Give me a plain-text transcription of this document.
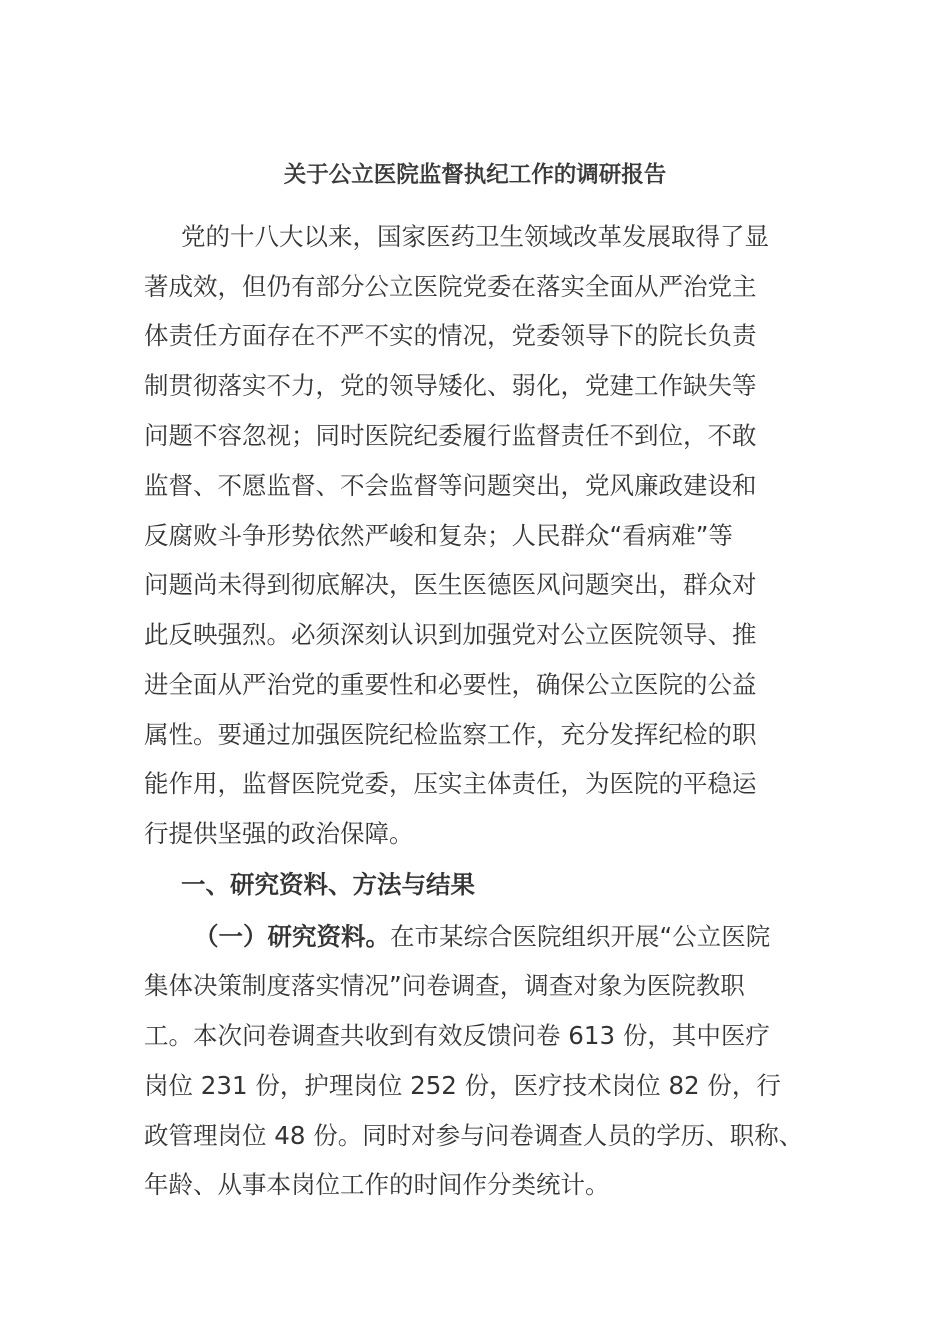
关于公立医院监督执纪工作的调研报告
党的十八大以来，国家医药卫生领域改革发展取得了显
著成效，但仍有部分公立医院党委在落实全面从严治党主
体责任方面存在不严不实的情况，党委领导下的院长负责
制贯彻落实不力，党的领导矮化、弱化，党建工作缺失等
问题不容忽视；同时医院纪委履行监督责任不到位，不敢
监督、不愿监督、不会监督等问题突出，党风廉政建设和
反腐败斗争形势依然严峻和复杂；人民群众“看病难”等
问题尚未得到彻底解决，医生医德医风问题突出，群众对
此反映强烈。必须深刻认识到加强党对公立医院领导、推
进全面从严治党的重要性和必要性，确保公立医院的公益
属性。要通过加强医院纪检监察工作，充分发挥纪检的职
能作用，监督医院党委，压实主体责任，为医院的平稳运
行提供坚强的政治保障。
一、研究资料、方法与结果
（一）研究资料。在市某综合医院组织开展“公立医院
集体决策制度落实情况”问卷调查，调查对象为医院教职
工。本次问卷调查共收到有效反馈问卷 613 份，其中医疗
岗位 231 份，护理岗位 252 份，医疗技术岗位 82 份，行
政管理岗位 48 份。同时对参与问卷调查人员的学历、职称、
年龄、从事本岗位工作的时间作分类统计。
